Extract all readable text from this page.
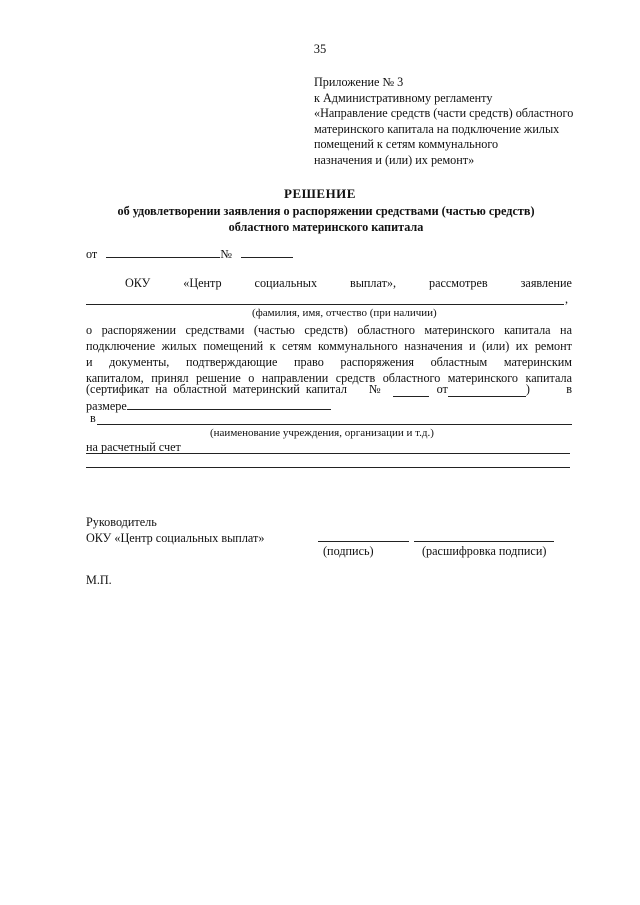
35
Приложение № 3
к Административному регламенту
«Направление средств (части средств) областного
материнского капитала на подключение жилых
помещений к сетям коммунального
назначения и (или) их ремонт»
РЕШЕНИЕ
об удовлетворении заявления о распоряжении средствами (частью средств)
областного материнского капитала
от	№
ОКУ	«Центр	социальных	выплат»,	рассмотрев	заявление
,
(фамилия, имя, отчество (при наличии)
о распоряжении средствами (частью средств) областного материнского капитала на
подключение жилых помещений к сетям коммунального назначения и (или) их ремонт
и документы, подтверждающие право распоряжения областным материнским
капиталом, принял решение о направлении средств областного материнского капитала
(сертификат на областной материнский капитал №	от	)	в
размере
в
(наименование учреждения, организации и т.д.)
на расчетный счет
Руководитель
ОКУ «Центр социальных выплат»
(подпись)	(расшифровка подписи)
М.П.
